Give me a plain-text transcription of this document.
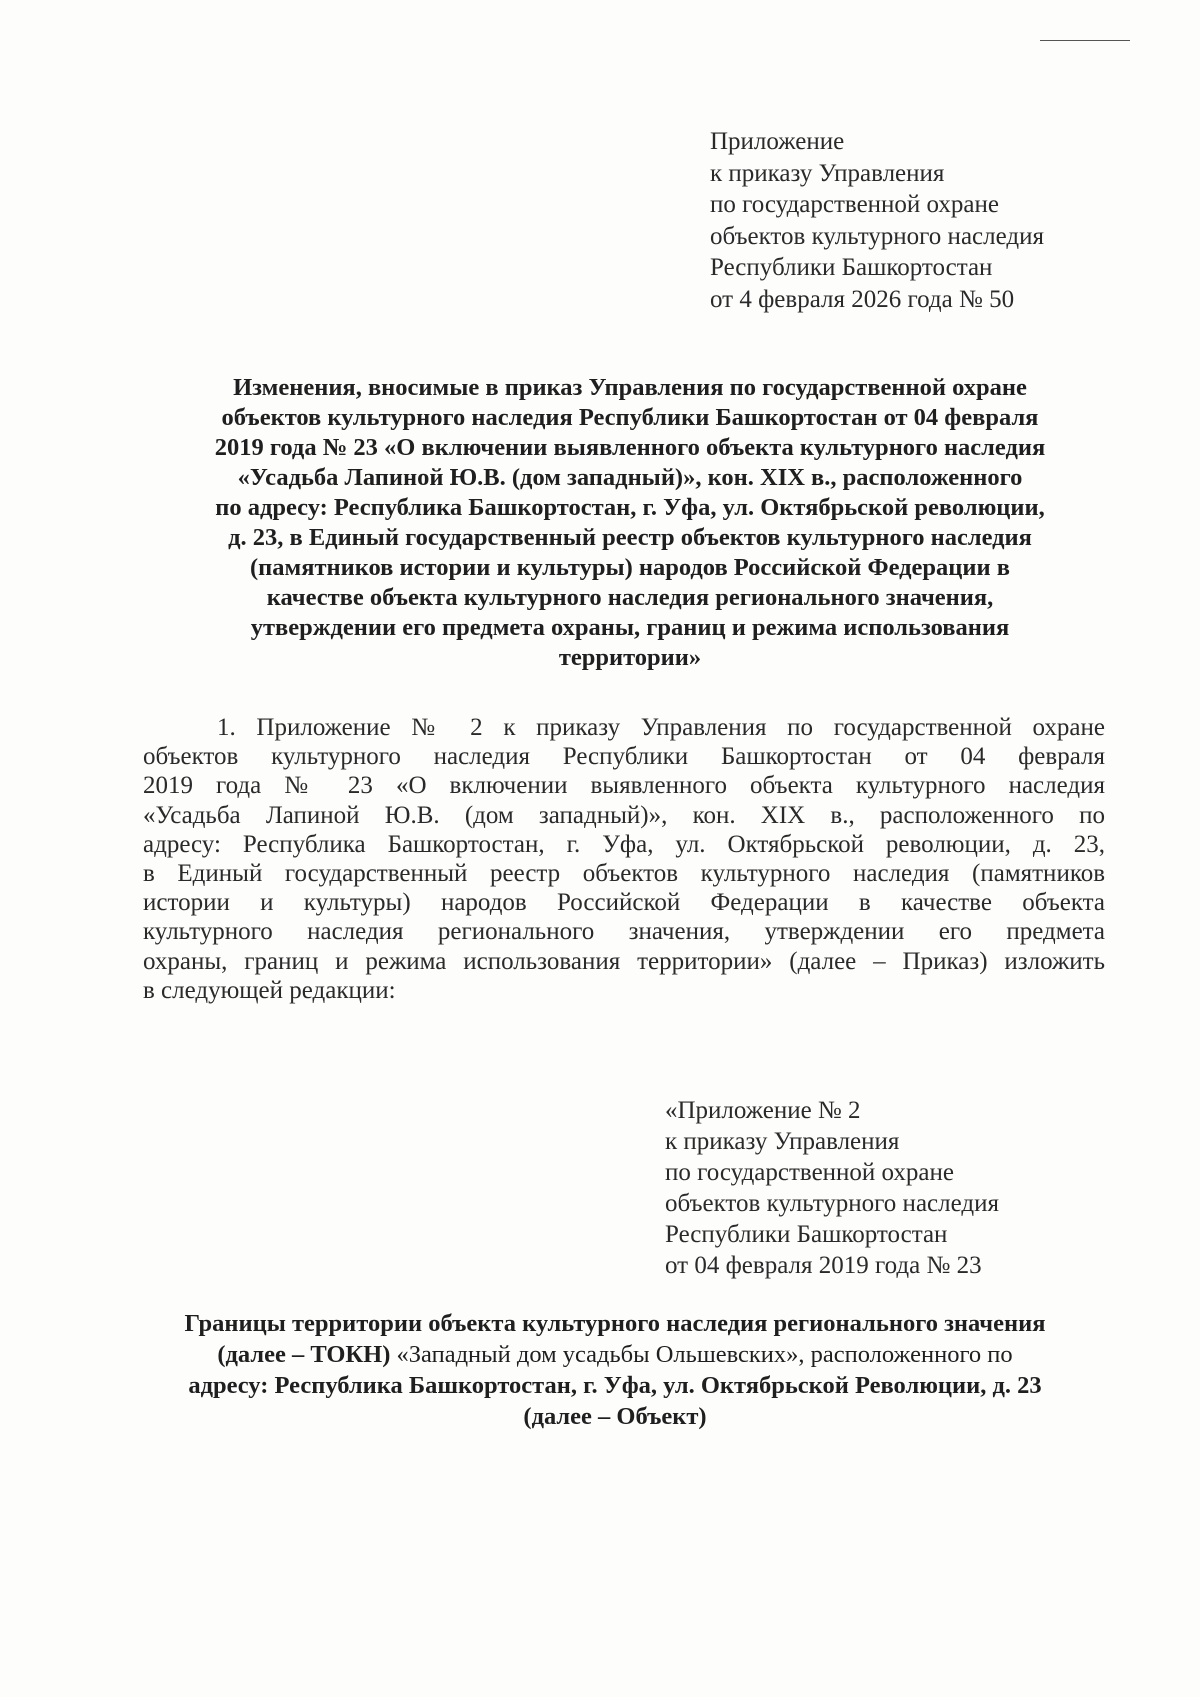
Приложение
к приказу Управления
по государственной охране
объектов культурного наследия
Республики Башкортостан
от 4 февраля 2026 года № 50
Изменения, вносимые в приказ Управления по государственной охране
объектов культурного наследия Республики Башкортостан от 04 февраля
2019 года № 23 «О включении выявленного объекта культурного наследия
«Усадьба Лапиной Ю.В. (дом западный)», кон. XIX в., расположенного
по адресу: Республика Башкортостан, г. Уфа, ул. Октябрьской революции,
д. 23, в Единый государственный реестр объектов культурного наследия
(памятников истории и культуры) народов Российской Федерации в
качестве объекта культурного наследия регионального значения,
утверждении его предмета охраны, границ и режима использования
территории»
1. Приложение № 2 к приказу Управления по государственной охране
объектов культурного наследия Республики Башкортостан от 04 февраля
2019 года № 23 «О включении выявленного объекта культурного наследия
«Усадьба Лапиной Ю.В. (дом западный)», кон. XIX в., расположенного по
адресу: Республика Башкортостан, г. Уфа, ул. Октябрьской революции, д. 23,
в Единый государственный реестр объектов культурного наследия (памятников
истории и культуры) народов Российской Федерации в качестве объекта
культурного наследия регионального значения, утверждении его предмета
охраны, границ и режима использования территории» (далее – Приказ) изложить
в следующей редакции:
«Приложение № 2
к приказу Управления
по государственной охране
объектов культурного наследия
Республики Башкортостан
от 04 февраля 2019 года № 23
Границы территории объекта культурного наследия регионального значения
(далее – ТОКН) «Западный дом усадьбы Ольшевских», расположенного по
адресу: Республика Башкортостан, г. Уфа, ул. Октябрьской Революции, д. 23
(далее – Объект)
